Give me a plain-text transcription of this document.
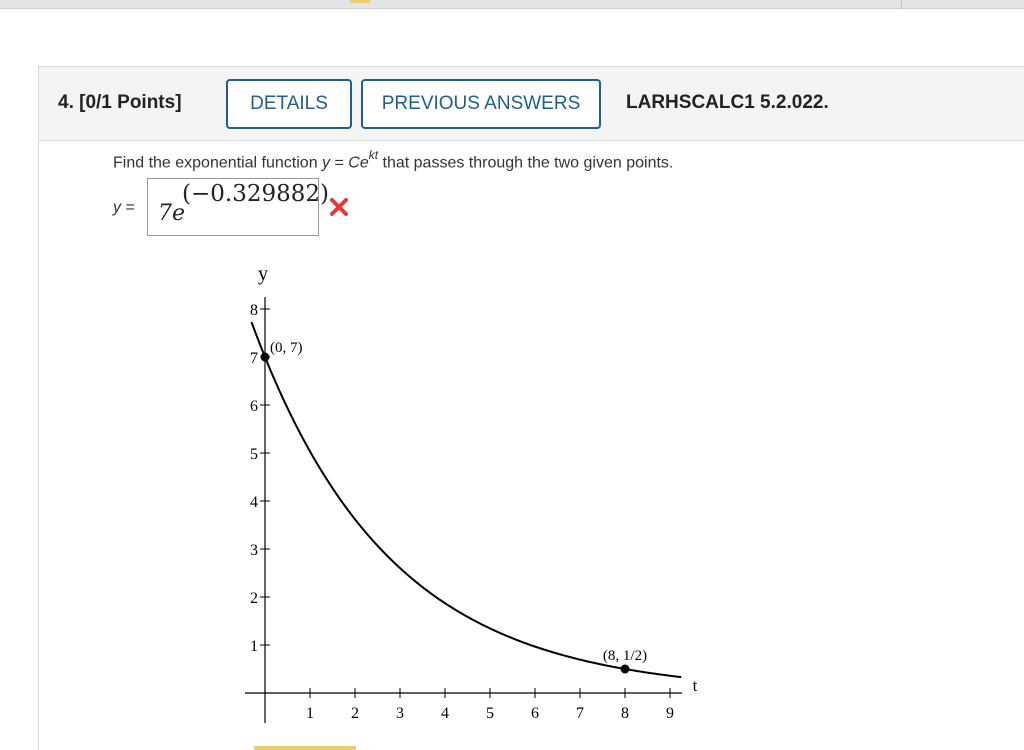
4. [0/1 Points]	DETAILS	PREVIOUS ANSWERS	LARHSCALC1 5.2.022.
Find the exponential function $y = Ce^{kt}$ that passes through the two given points.
y = 7e
(−0.329882)
y
t
1 2 3 4 5 6 7 8 9
1
2
3
4
5
6
7
8
(0, 7)
(8, 1/2)
